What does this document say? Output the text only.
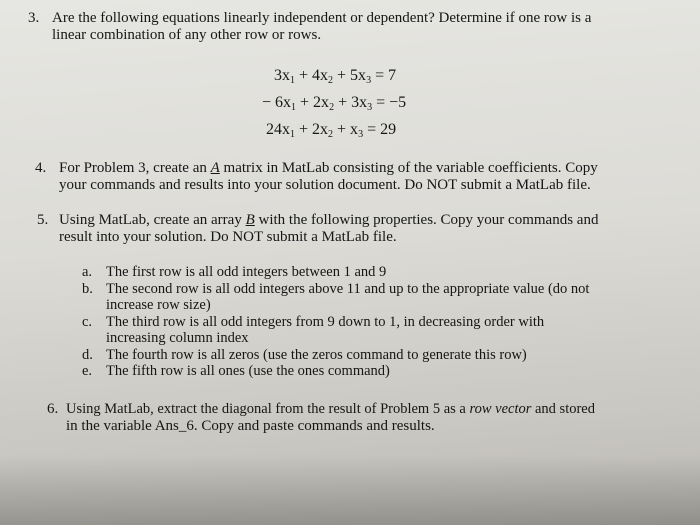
3. Are the following equations linearly independent or dependent? Determine if one row is a
linear combination of any other row or rows.
3x1 + 4x2 + 5x3 = 7
− 6x1 + 2x2 + 3x3 = −5
24x1 + 2x2 + x3 = 29
4. For Problem 3, create an A matrix in MatLab consisting of the variable coefficients. Copy
your commands and results into your solution document. Do NOT submit a MatLab file.
5. Using MatLab, create an array B with the following properties. Copy your commands and
result into your solution. Do NOT submit a MatLab file.
a. The first row is all odd integers between 1 and 9
b. The second row is all odd integers above 11 and up to the appropriate value (do not
increase row size)
c. The third row is all odd integers from 9 down to 1, in decreasing order with
increasing column index
d. The fourth row is all zeros (use the zeros command to generate this row)
e. The fifth row is all ones (use the ones command)
6. Using MatLab, extract the diagonal from the result of Problem 5 as a row vector and stored
in the variable Ans_6. Copy and paste commands and results.
